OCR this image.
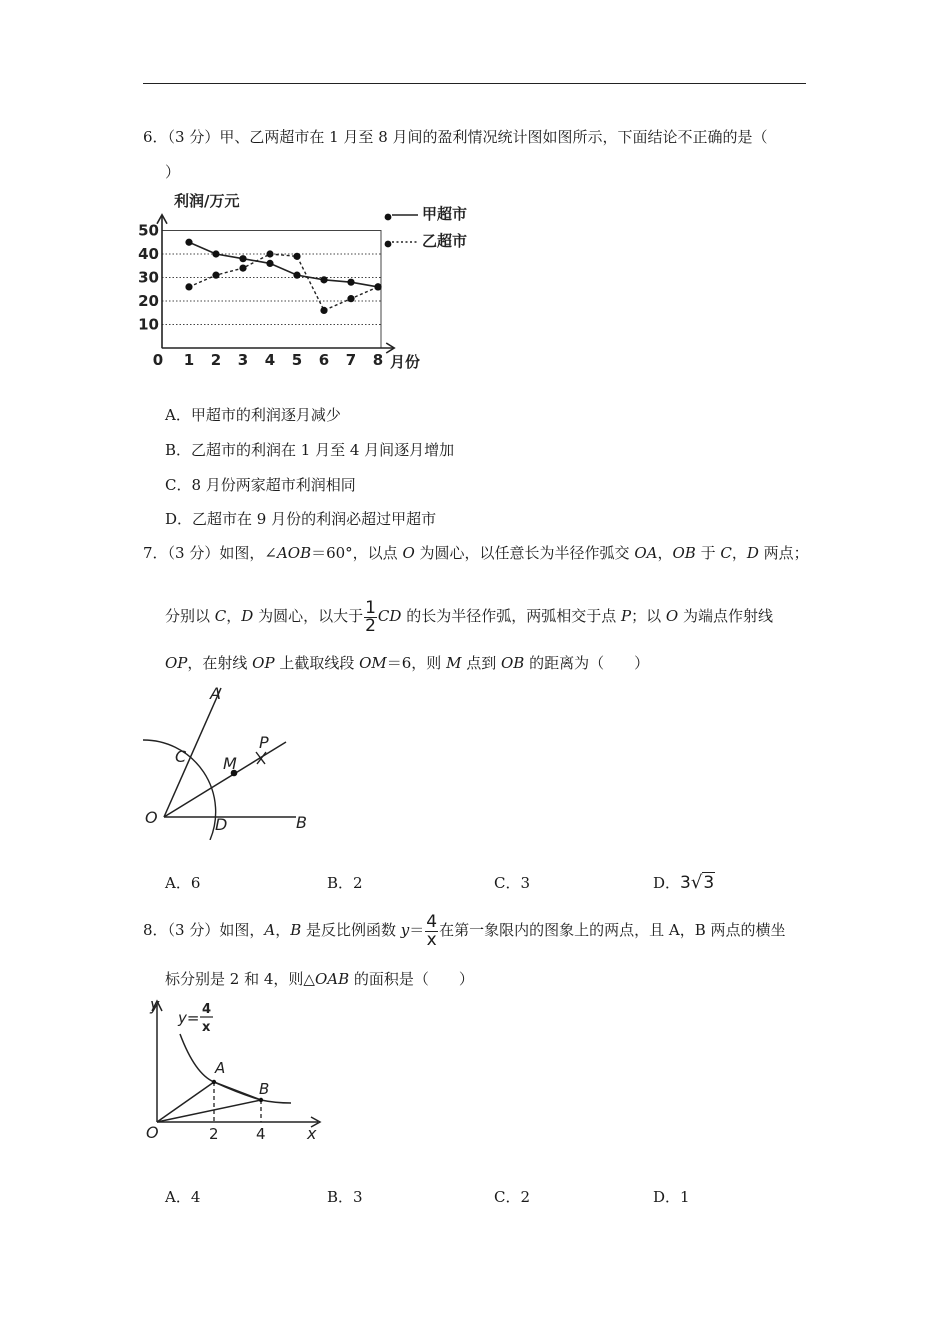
6．（3 分）甲、乙两超市在 1 月至 8 月间的盈利情况统计图如图所示，下面结论不正确的是（
）
0 1 2 3 4 5 6 7 8
10
20
30
40
50
利润/万元
月份
甲超市
乙超市
A．甲超市的利润逐月减少
B．乙超市的利润在 1 月至 4 月间逐月增加
C．8 月份两家超市利润相同
D．乙超市在 9 月份的利润必超过甲超市
7．（3 分）如图，∠AOB＝60°，以点 O 为圆心，以任意长为半径作弧交 OA，OB 于 C，D 两点；
分别以 C，D 为圆心，以大于 $\frac{1}{2}$ CD 的长为半径作弧，两弧相交于点 P；以 O 为端点作射线
OP，在射线 OP 上截取线段 OM＝6，则 M 点到 OB 的距离为（　　）
A
B
C
D
O
M
P
A．6	B．2	C．3	D．3√3
8．（3 分）如图，A，B 是反比例函数 $y= \frac{4}{x}$ 在第一象限内的图象上的两点，且 A，B 两点的横坐
标分别是 2 和 4，则△OAB 的面积是（　　）
y
x
O
A
B
2 4
y= 4
x
A．4	B．3	C．2	D．1
